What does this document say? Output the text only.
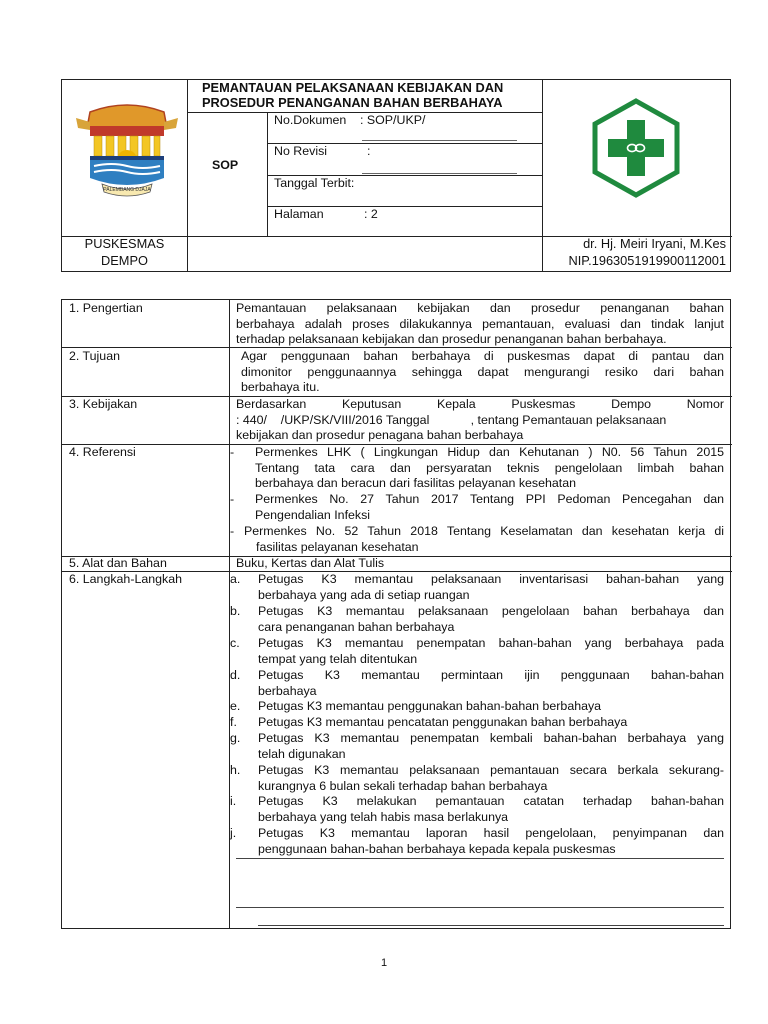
PALEMBANG DJAJA
PEMANTAUAN PELAKSANAAN KEBIJAKAN DAN
PROSEDUR PENANGANAN BAHAN BERBAHAYA
SOP
No.Dokumen : SOP/UKP/
No Revisi	:
Tanggal Terbit:
Halaman	: 2
PUSKESMAS
DEMPO
dr. Hj. Meiri Iryani, M.Kes
NIP.1963051919900112001
1. Pengertian	Pemantauan pelaksanaan kebijakan dan prosedur penanganan bahan

berbahaya adalah proses dilakukannya pemantauan, evaluasi dan tindak lanjut

terhadap pelaksanaan kebijakan dan prosedur penanganan bahan berbahaya.

2. Tujuan	Agar penggunaan bahan berbahaya di puskesmas dapat di pantau dan

dimonitor penggunaannya sehingga dapat mengurangi resiko dari bahan

berbahaya itu.

3. Kebijakan	Berdasarkan Keputusan Kepala Puskesmas Dempo Nomor

: 440/    /UKP/SK/VIII/2016 Tanggal            , tentang Pemantauan pelaksanaan

kebijakan dan prosedur penagana bahan berbahaya

4. Referensi	- Permenkes LHK ( Lingkungan Hidup dan Kehutanan ) N0. 56 Tahun 2015
Tentang tata cara dan persyaratan teknis pengelolaan limbah bahan
berbahaya dan beracun dari fasilitas pelayanan kesehatan
- Permenkes No. 27 Tahun 2017 Tentang PPI Pedoman Pencegahan dan
Pengendalian Infeksi
- Permenkes No. 52 Tahun 2018 Tentang Keselamatan dan kesehatan kerja di
fasilitas pelayanan kesehatan
5. Alat dan Bahan	Buku, Kertas dan Alat Tulis
6. Langkah-Langkah	a. Petugas K3 memantau pelaksanaan inventarisasi bahan-bahan yang
berbahaya yang ada di setiap ruangan
b. Petugas K3 memantau pelaksanaan pengelolaan bahan berbahaya dan
cara penanganan bahan berbahaya
c. Petugas K3 memantau penempatan bahan-bahan yang berbahaya pada
tempat yang telah ditentukan
d. Petugas K3 memantau permintaan ijin penggunaan bahan-bahan
berbahaya
e. Petugas K3 memantau penggunakan bahan-bahan berbahaya
f. Petugas K3 memantau pencatatan penggunakan bahan berbahaya
g. Petugas K3 memantau penempatan kembali bahan-bahan berbahaya yang
telah digunakan
h. Petugas K3 memantau pelaksanaan pemantauan secara berkala sekurang-
kurangnya 6 bulan sekali terhadap bahan berbahaya
i. Petugas K3 melakukan pemantauan catatan terhadap bahan-bahan
berbahaya yang telah habis masa berlakunya
j. Petugas K3 memantau laporan hasil pengelolaan, penyimpanan dan
penggunaan bahan-bahan berbahaya kepada kepala puskesmas
1
